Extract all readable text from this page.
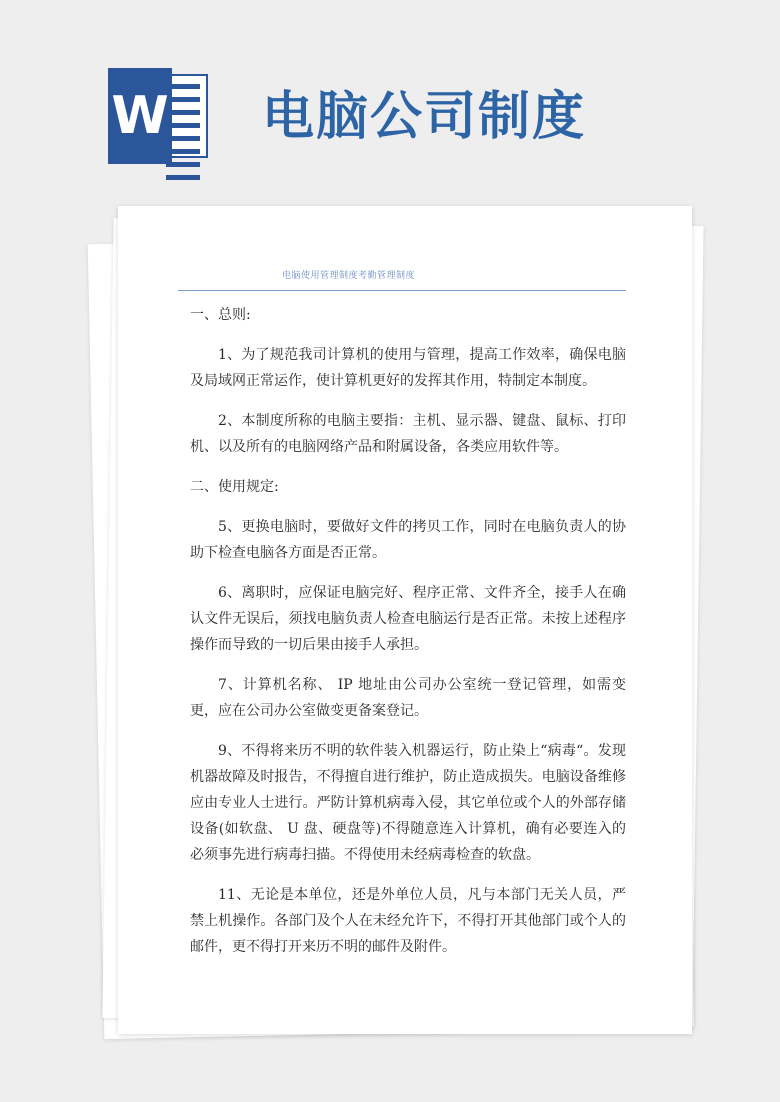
W 电脑公司制度
电脑使用管理制度考勤管理制度

一、总则:

1、为了规范我司计算机的使用与管理，提高工作效率，确保电脑及局域网正常运作，使计算机更好的发挥其作用，特制定本制度。

2、本制度所称的电脑主要指：主机、显示器、键盘、鼠标、打印机、以及所有的电脑网络产品和附属设备，各类应用软件等。

二、使用规定:

5、更换电脑时，要做好文件的拷贝工作，同时在电脑负责人的协助下检查电脑各方面是否正常。

6、离职时，应保证电脑完好、程序正常、文件齐全，接手人在确认文件无误后，须找电脑负责人检查电脑运行是否正常。未按上述程序操作而导致的一切后果由接手人承担。

7、计算机名称、 IP 地址由公司办公室统一登记管理，如需变更，应在公司办公室做变更备案登记。

9、不得将来历不明的软件装入机器运行，防止染上“病毒“。发现机器故障及时报告，不得擅自进行维护，防止造成损失。电脑设备维修应由专业人士进行。严防计算机病毒入侵，其它单位或个人的外部存储设备(如软盘、 U 盘、硬盘等)不得随意连入计算机，确有必要连入的必须事先进行病毒扫描。不得使用未经病毒检查的软盘。

11、无论是本单位，还是外单位人员，凡与本部门无关人员，严禁上机操作。各部门及个人在未经允许下，不得打开其他部门或个人的邮件，更不得打开来历不明的邮件及附件。
